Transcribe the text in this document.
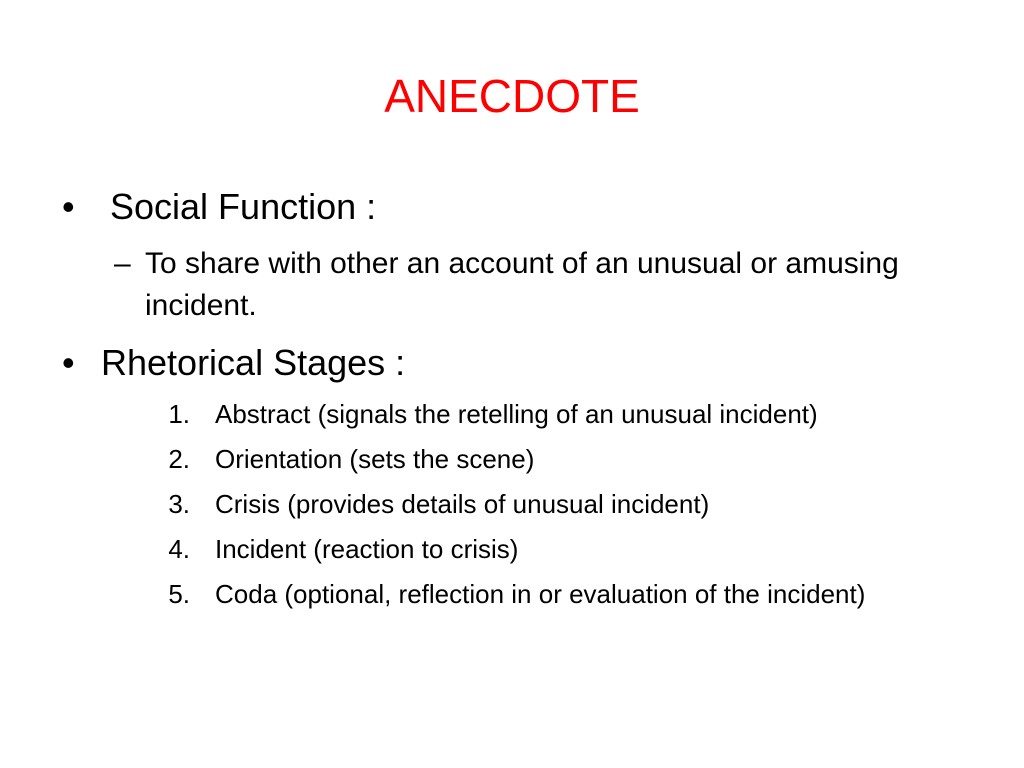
ANECDOTE
• Social Function :
– To share with other an account of an unusual or amusing incident.
• Rhetorical Stages :
1. Abstract (signals the retelling of an unusual incident)
2. Orientation (sets the scene)
3. Crisis (provides details of unusual incident)
4. Incident (reaction to crisis)
5. Coda (optional, reflection in or evaluation of the incident)
